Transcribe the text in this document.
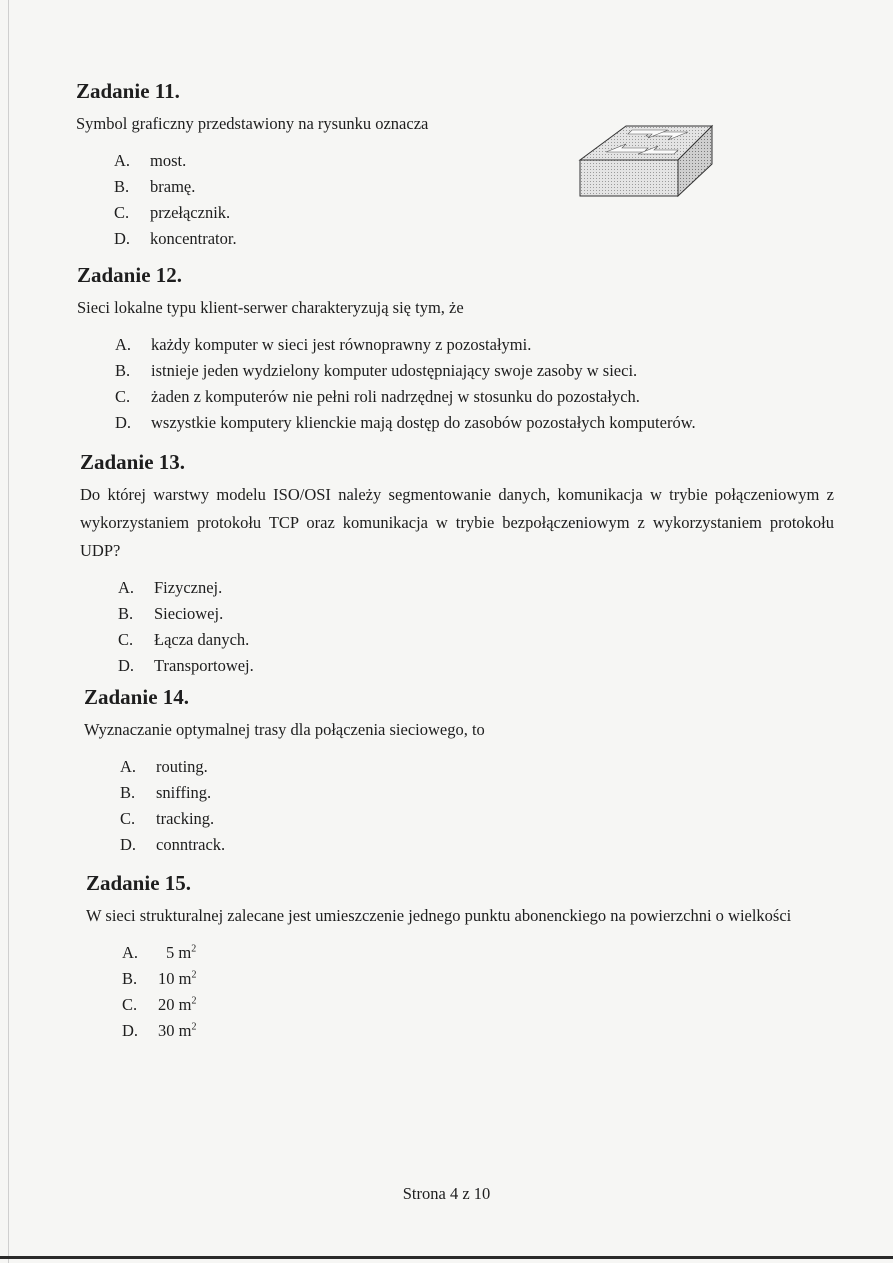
Zadanie 11.

Symbol graficzny przedstawiony na rysunku oznacza

A.	most.
B.	bramę.
C.	przełącznik.
D.	koncentrator.
Zadanie 12.

Sieci lokalne typu klient-serwer charakteryzują się tym, że

A.	każdy komputer w sieci jest równoprawny z pozostałymi.
B.	istnieje jeden wydzielony komputer udostępniający swoje zasoby w sieci.
C.	żaden z komputerów nie pełni roli nadrzędnej w stosunku do pozostałych.
D.	wszystkie komputery klienckie mają dostęp do zasobów pozostałych komputerów.
Zadanie 13.

Do której warstwy modelu ISO/OSI należy segmentowanie danych, komunikacja w trybie połączeniowym z wykorzystaniem protokołu TCP oraz komunikacja w trybie bezpołączeniowym z wykorzystaniem protokołu UDP?

A.	Fizycznej.
B.	Sieciowej.
C.	Łącza danych.
D.	Transportowej.
Zadanie 14.

Wyznaczanie optymalnej trasy dla połączenia sieciowego, to

A.	routing.
B.	sniffing.
C.	tracking.
D.	conntrack.
Zadanie 15.

W sieci strukturalnej zalecane jest umieszczenie jednego punktu abonenckiego na powierzchni o wielkości

A.	5 $m^2$
B.	10 $m^2$
C.	20 $m^2$
D.	30 $m^2$
Strona 4 z 10
